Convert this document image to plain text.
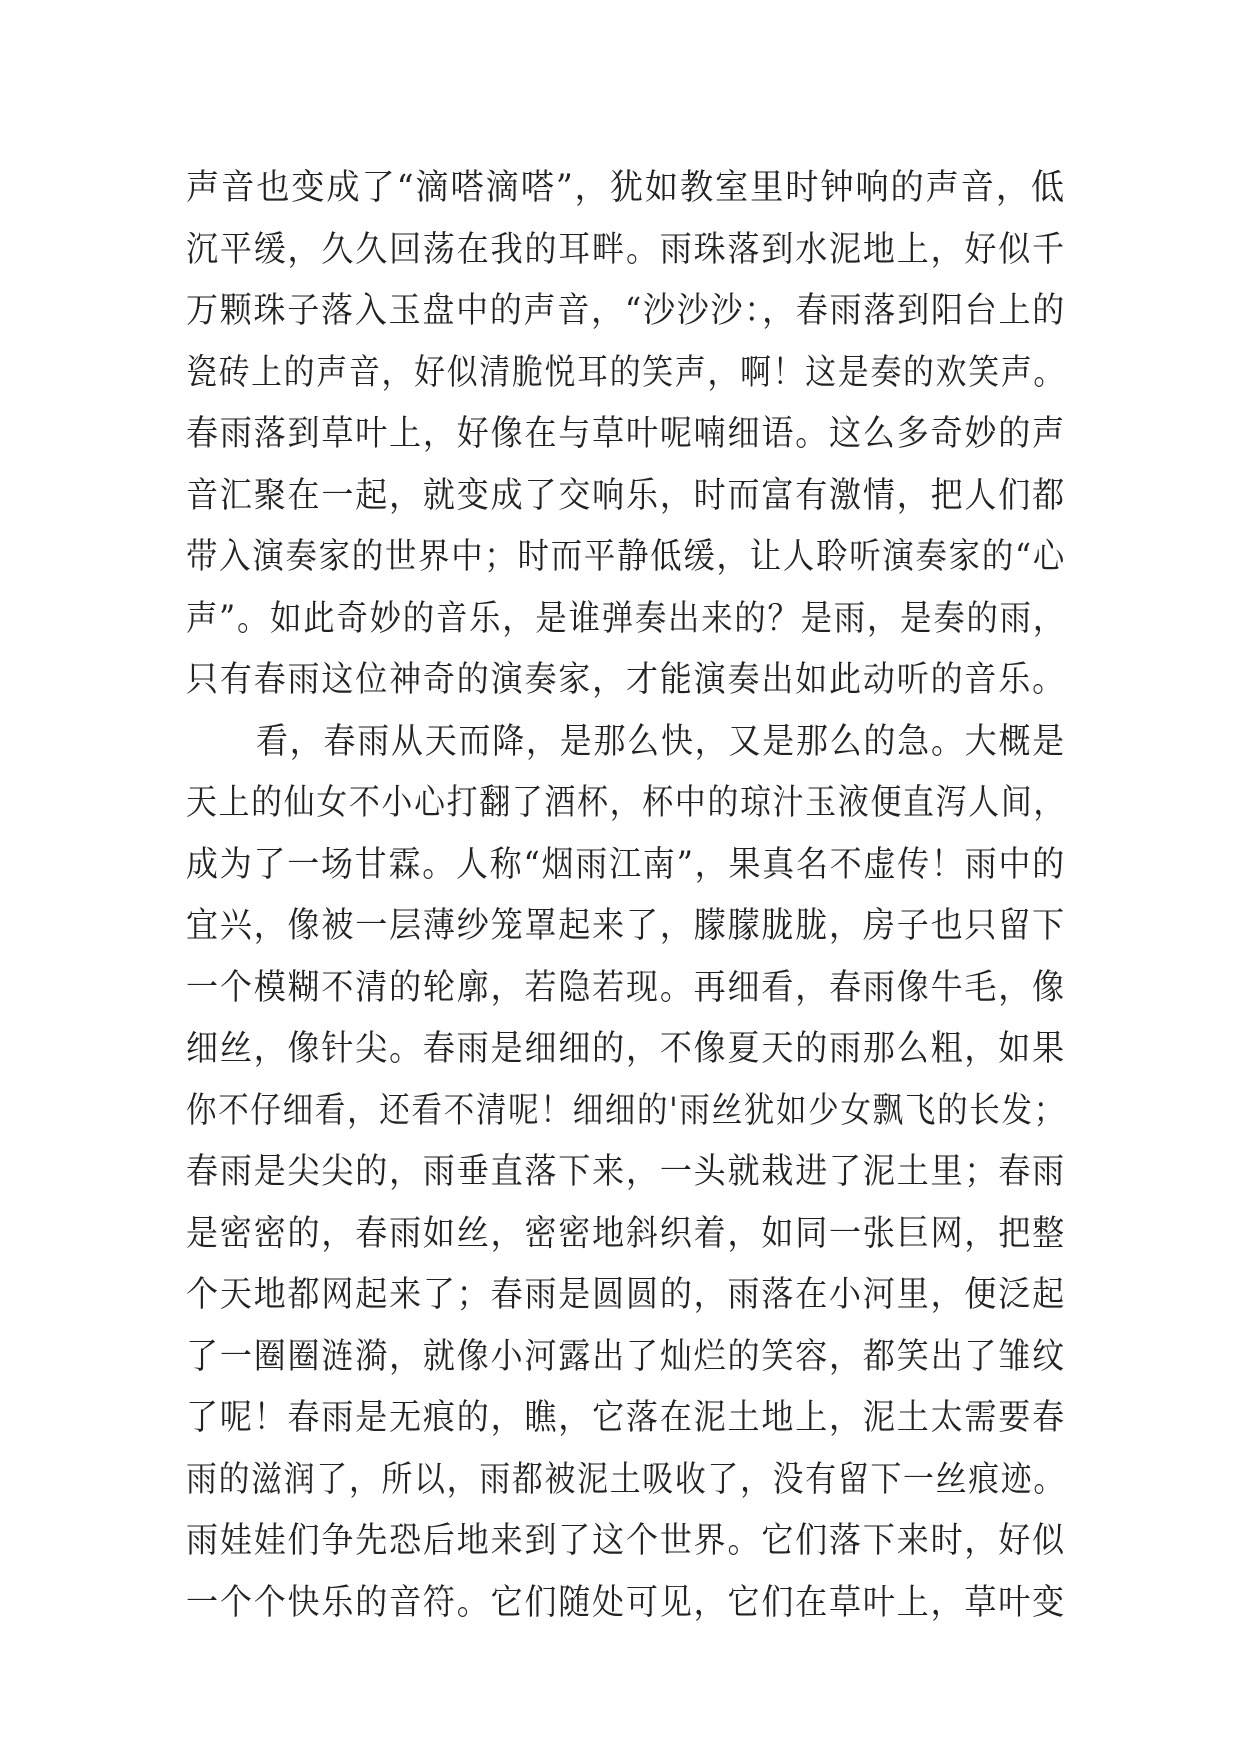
声音也变成了“滴嗒滴嗒”，犹如教室里时钟响的声音，低
沉平缓，久久回荡在我的耳畔。雨珠落到水泥地上，好似千
万颗珠子落入玉盘中的声音，“沙沙沙：，春雨落到阳台上的
瓷砖上的声音，好似清脆悦耳的笑声，啊！这是奏的欢笑声。
春雨落到草叶上，好像在与草叶呢喃细语。这么多奇妙的声
音汇聚在一起，就变成了交响乐，时而富有激情，把人们都
带入演奏家的世界中；时而平静低缓，让人聆听演奏家的“心
声”。如此奇妙的音乐，是谁弹奏出来的？是雨，是奏的雨，
只有春雨这位神奇的演奏家，才能演奏出如此动听的音乐。
看，春雨从天而降，是那么快，又是那么的急。大概是
天上的仙女不小心打翻了酒杯，杯中的琼汁玉液便直泻人间，
成为了一场甘霖。人称“烟雨江南”，果真名不虚传！雨中的
宜兴，像被一层薄纱笼罩起来了，朦朦胧胧，房子也只留下
一个模糊不清的轮廓，若隐若现。再细看，春雨像牛毛，像
细丝，像针尖。春雨是细细的，不像夏天的雨那么粗，如果
你不仔细看，还看不清呢！细细的'雨丝犹如少女飘飞的长发；
春雨是尖尖的，雨垂直落下来，一头就栽进了泥土里；春雨
是密密的，春雨如丝，密密地斜织着，如同一张巨网，把整
个天地都网起来了；春雨是圆圆的，雨落在小河里，便泛起
了一圈圈涟漪，就像小河露出了灿烂的笑容，都笑出了雏纹
了呢！春雨是无痕的，瞧，它落在泥土地上，泥土太需要春
雨的滋润了，所以，雨都被泥土吸收了，没有留下一丝痕迹。
雨娃娃们争先恐后地来到了这个世界。它们落下来时，好似
一个个快乐的音符。它们随处可见，它们在草叶上，草叶变
